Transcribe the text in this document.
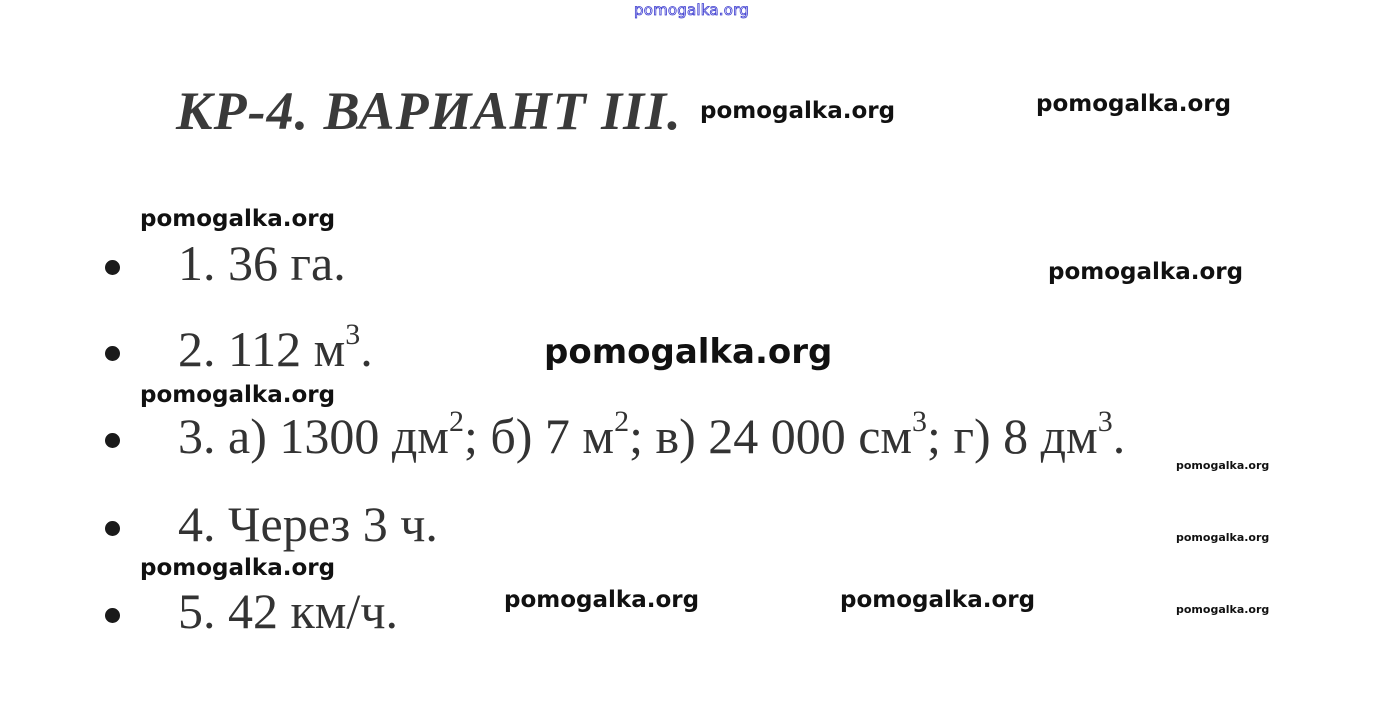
pomogalka.org
КР-4. ВАРИАНТ III.
1. 36 га.
2. 112 $м^3$.
3. а) 1300 $дм^2$; б) 7 $м^2$; в) 24 000 $см^3$; г) 8 $дм^3$.
4. Через 3 ч.
5. 42 км/ч.
pomogalka.org	pomogalka.org
pomogalka.org
pomogalka.org
pomogalka.org
pomogalka.org
pomogalka.org
pomogalka.org
pomogalka.org
pomogalka.org	pomogalka.org	pomogalka.org
